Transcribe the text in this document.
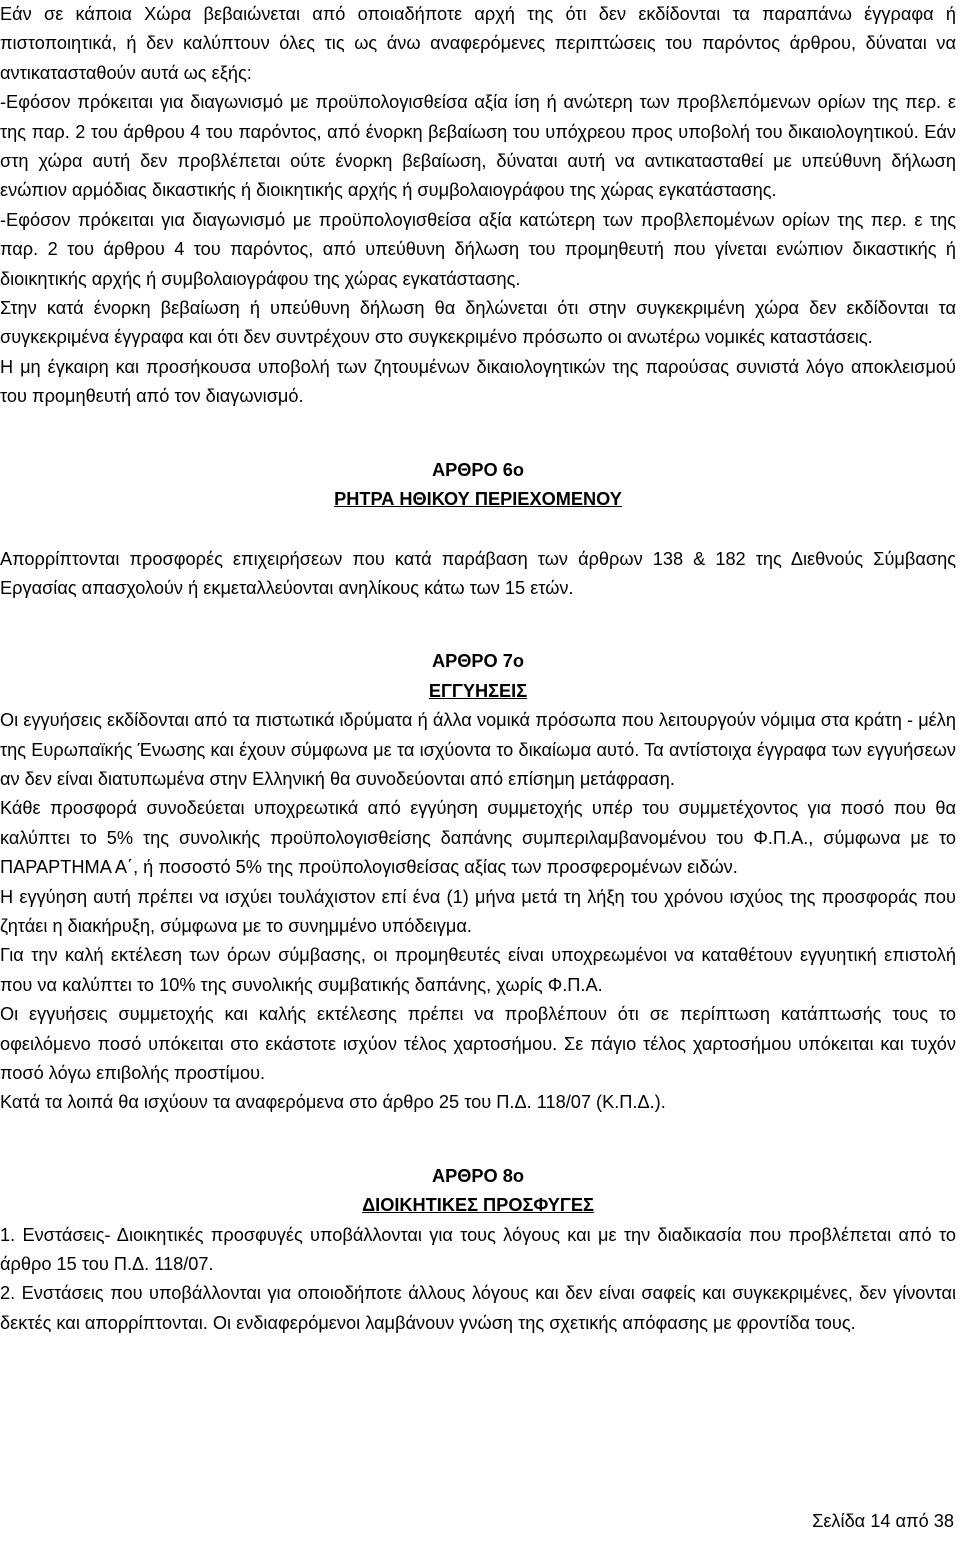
Εάν σε κάποια Χώρα βεβαιώνεται από οποιαδήποτε αρχή της ότι δεν εκδίδονται τα παραπάνω έγγραφα ή πιστοποιητικά, ή δεν καλύπτουν όλες τις ως άνω αναφερόμενες περιπτώσεις του παρόντος άρθρου, δύναται να αντικατασταθούν αυτά ως εξής:

-Εφόσον πρόκειται για διαγωνισμό με προϋπολογισθείσα αξία ίση ή ανώτερη των προβλεπόμενων ορίων της περ. ε της παρ. 2 του άρθρου 4 του παρόντος, από ένορκη βεβαίωση του υπόχρεου προς υποβολή του δικαιολογητικού. Εάν στη χώρα αυτή δεν προβλέπεται ούτε ένορκη βεβαίωση, δύναται αυτή να αντικατασταθεί με υπεύθυνη δήλωση ενώπιον αρμόδιας δικαστικής ή διοικητικής αρχής ή συμβολαιογράφου της χώρας εγκατάστασης.

-Εφόσον πρόκειται για διαγωνισμό με προϋπολογισθείσα αξία κατώτερη των προβλεπομένων ορίων της περ. ε της παρ. 2 του άρθρου 4 του παρόντος, από υπεύθυνη δήλωση του προμηθευτή που γίνεται ενώπιον δικαστικής ή διοικητικής αρχής ή συμβολαιογράφου της χώρας εγκατάστασης.

Στην κατά ένορκη βεβαίωση ή υπεύθυνη δήλωση θα δηλώνεται ότι στην συγκεκριμένη χώρα δεν εκδίδονται τα συγκεκριμένα έγγραφα και ότι δεν συντρέχουν στο συγκεκριμένο πρόσωπο οι ανωτέρω νομικές καταστάσεις.

Η μη έγκαιρη και προσήκουσα υποβολή των ζητουμένων δικαιολογητικών της παρούσας συνιστά λόγο αποκλεισμού του προμηθευτή από τον διαγωνισμό.

ΑΡΘΡΟ 6ο
ΡΗΤΡΑ ΗΘΙΚΟΥ ΠΕΡΙΕΧΟΜΕΝΟΥ

Απορρίπτονται προσφορές επιχειρήσεων που κατά παράβαση των άρθρων 138 & 182 της Διεθνούς Σύμβασης Εργασίας απασχολούν ή εκμεταλλεύονται ανηλίκους κάτω των 15 ετών.

ΑΡΘΡΟ 7ο
ΕΓΓΥΗΣΕΙΣ

Οι εγγυήσεις εκδίδονται από τα πιστωτικά ιδρύματα ή άλλα νομικά πρόσωπα που λειτουργούν νόμιμα στα κράτη - μέλη της Ευρωπαϊκής Ένωσης και έχουν σύμφωνα με τα ισχύοντα το δικαίωμα αυτό. Τα αντίστοιχα έγγραφα των εγγυήσεων αν δεν είναι διατυπωμένα στην Ελληνική θα συνοδεύονται από επίσημη μετάφραση.

Κάθε προσφορά συνοδεύεται υποχρεωτικά από εγγύηση συμμετοχής υπέρ του συμμετέχοντος για ποσό που θα καλύπτει το 5% της συνολικής προϋπολογισθείσης δαπάνης συμπεριλαμβανομένου του Φ.Π.Α., σύμφωνα με το ΠΑΡΑΡΤΗΜΑ Α΄, ή ποσοστό 5% της προϋπολογισθείσας αξίας των προσφερομένων ειδών.

Η εγγύηση αυτή πρέπει να ισχύει τουλάχιστον επί ένα (1) μήνα μετά τη λήξη του χρόνου ισχύος της προσφοράς που ζητάει η διακήρυξη, σύμφωνα με το συνημμένο υπόδειγμα.

Για την καλή εκτέλεση των όρων σύμβασης, οι προμηθευτές είναι υποχρεωμένοι να καταθέτουν εγγυητική επιστολή που να καλύπτει το 10% της συνολικής συμβατικής δαπάνης, χωρίς Φ.Π.Α.

Οι εγγυήσεις συμμετοχής και καλής εκτέλεσης πρέπει να προβλέπουν ότι σε περίπτωση κατάπτωσής τους το οφειλόμενο ποσό υπόκειται στο εκάστοτε ισχύον τέλος χαρτοσήμου. Σε πάγιο τέλος χαρτοσήμου υπόκειται και τυχόν ποσό λόγω επιβολής προστίμου.

Κατά τα λοιπά θα ισχύουν τα αναφερόμενα στο άρθρο 25 του Π.Δ. 118/07 (Κ.Π.Δ.).

ΑΡΘΡΟ 8ο
ΔΙΟΙΚΗΤΙΚΕΣ ΠΡΟΣΦΥΓΕΣ

1. Ενστάσεις- Διοικητικές προσφυγές υποβάλλονται για τους λόγους και με την διαδικασία που προβλέπεται από το άρθρο 15 του Π.Δ. 118/07.

2. Ενστάσεις που υποβάλλονται για οποιοδήποτε άλλους λόγους και δεν είναι σαφείς και συγκεκριμένες, δεν γίνονται δεκτές και απορρίπτονται. Οι ενδιαφερόμενοι λαμβάνουν γνώση της σχετικής απόφασης με φροντίδα τους.

Σελίδα 14 από 38
